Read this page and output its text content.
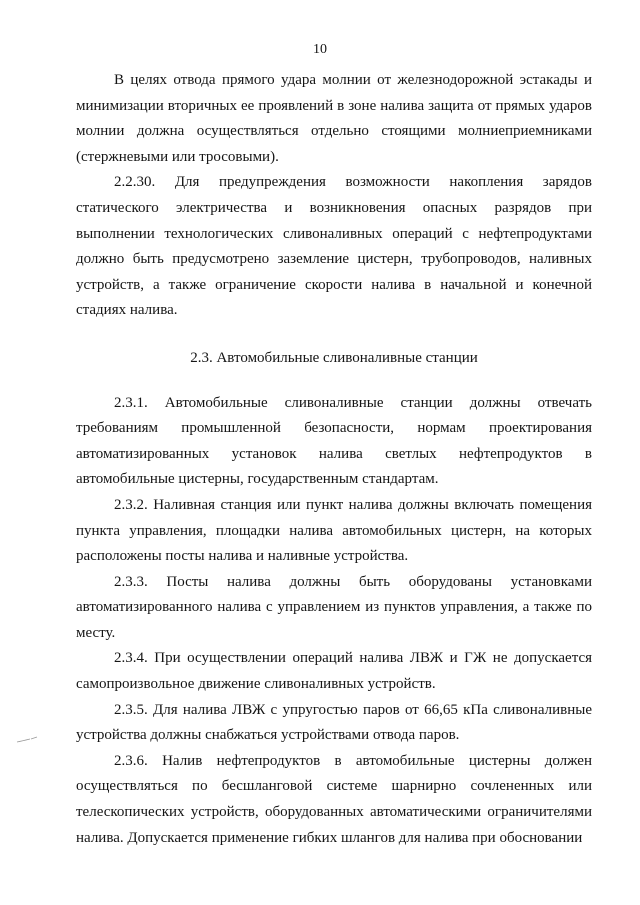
10

В целях отвода прямого удара молнии от железнодорожной эстакады и минимизации вторичных ее проявлений в зоне налива защита от прямых ударов молнии должна осуществляться отдельно стоящими молниеприемниками (стержневыми или тросовыми).

2.2.30. Для предупреждения возможности накопления зарядов статического электричества и возникновения опасных разрядов при выполнении технологических сливоналивных операций с нефтепродуктами должно быть предусмотрено заземление цистерн, трубопроводов, наливных устройств, а также ограничение скорости налива в начальной и конечной стадиях налива.

2.3. Автомобильные сливоналивные станции

2.3.1. Автомобильные сливоналивные станции должны отвечать требованиям промышленной безопасности, нормам проектирования автоматизированных установок налива светлых нефтепродуктов в автомобильные цистерны, государственным стандартам.

2.3.2. Наливная станция или пункт налива должны включать помещения пункта управления, площадки налива автомобильных цистерн, на которых расположены посты налива и наливные устройства.

2.3.3. Посты налива должны быть оборудованы установками автоматизированного налива с управлением из пунктов управления, а также по месту.

2.3.4. При осуществлении операций налива ЛВЖ и ГЖ не допускается самопроизвольное движение сливоналивных устройств.

2.3.5. Для налива ЛВЖ с упругостью паров от 66,65 кПа сливоналивные устройства должны снабжаться устройствами отвода паров.

2.3.6. Налив нефтепродуктов в автомобильные цистерны должен осуществляться по бесшланговой системе шарнирно сочлененных или телескопических устройств, оборудованных автоматическими ограничителями налива. Допускается применение гибких шлангов для налива при обосновании
